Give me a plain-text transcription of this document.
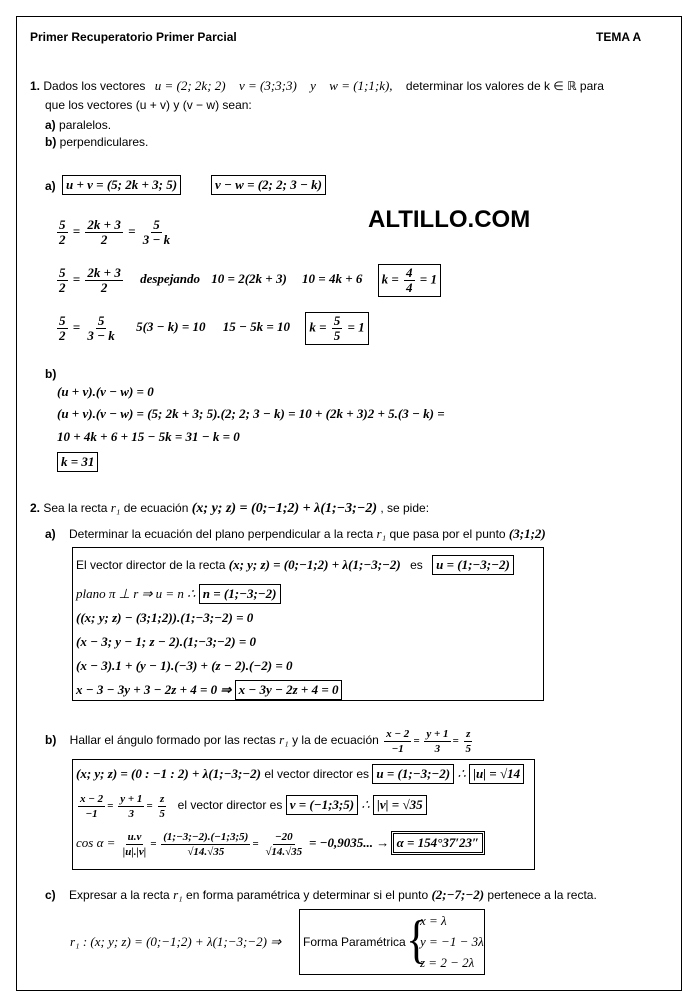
Primer Recuperatorio Primer Parcial	TEMA A
ALTILLO.COM
1. Dados los vectores u = (2; 2k; 2) v = (3;3;3) y w = (1;1;k), determinar los valores de k ∈ ℝ para
que los vectores (u + v) y (v − w) sean:
a) paralelos.
b) perpendiculares.
a) u + v = (5; 2k + 3; 5)	v − w = (2; 2; 3 − k)
$\frac{5}{2} = \frac{2k + 3}{2} = \frac{5}{3 - k}$
$\frac{5}{2} = \frac{2k + 3}{2}$ despejando 10 = 2(2k + 3) 10 = 4k + 6 $k = \frac{4}{4} = 1$
$\frac{5}{2} = \frac{5}{3 - k} 5(3 - k) = 10$ 15 − 5k = 10 $k = \frac{5}{5} = 1$
b)
(u + v).(v − w) = 0
(u + v).(v − w) = (5; 2k + 3; 5).(2; 2; 3 − k) = 10 + (2k + 3)2 + 5.(3 − k) =
10 + 4k + 6 + 15 − 5k = 31 − k = 0
k = 31
2. Sea la recta r₁ de ecuación (x; y; z) = (0;−1;2) + λ(1;−3;−2) , se pide:
a) Determinar la ecuación del plano perpendicular a la recta r₁ que pasa por el punto (3;1;2)
El vector director de la recta (x; y; z) = (0;−1;2) + λ(1;−3;−2) es u = (1;−3;−2)
plano π ⊥ r ⇒ u = n ∴ n = (1;−3;−2)
((x; y; z) − (3;1;2)).(1;−3;−2) = 0
(x − 3; y − 1; z − 2).(1;−3;−2) = 0
(x − 3).1 + (y − 1).(−3) + (z − 2).(−2) = 0
x − 3 − 3y + 3 − 2z + 4 = 0 ⇒ x − 3y − 2z + 4 = 0
b) Hallar el ángulo formado por las rectas r₁ y la de ecuación $\frac{x - 2}{-1} = \frac{y + 1}{3} = \frac{z}{5}$
(x; y; z) = (0 : −1 : 2) + λ(1;−3;−2) el vector director es u = (1;−3;−2) ∴ |u| = √14
$\frac{x - 2}{-1} = \frac{y + 1}{3} = \frac{z}{5}$ el vector director es v = (−1;3;5) ∴ |v| = √35
$\cos \alpha = \frac{u.v}{|u|.|v|} = \frac{(1;-3;-2).(-1;3;5)}{√14.√35} = \frac{-20}{√14.√35} = -0,9035$... → α = 154°37′23″
c) Expresar a la recta r₁ en forma paramétrica y determinar si el punto (2;−7;−2) pertenece a la recta.
r₁ : (x; y; z) = (0;−1;2) + λ(1;−3;−2) ⇒ Forma Paramétrica {
x = λ
y = −1 − 3λ
z = 2 − 2λ
